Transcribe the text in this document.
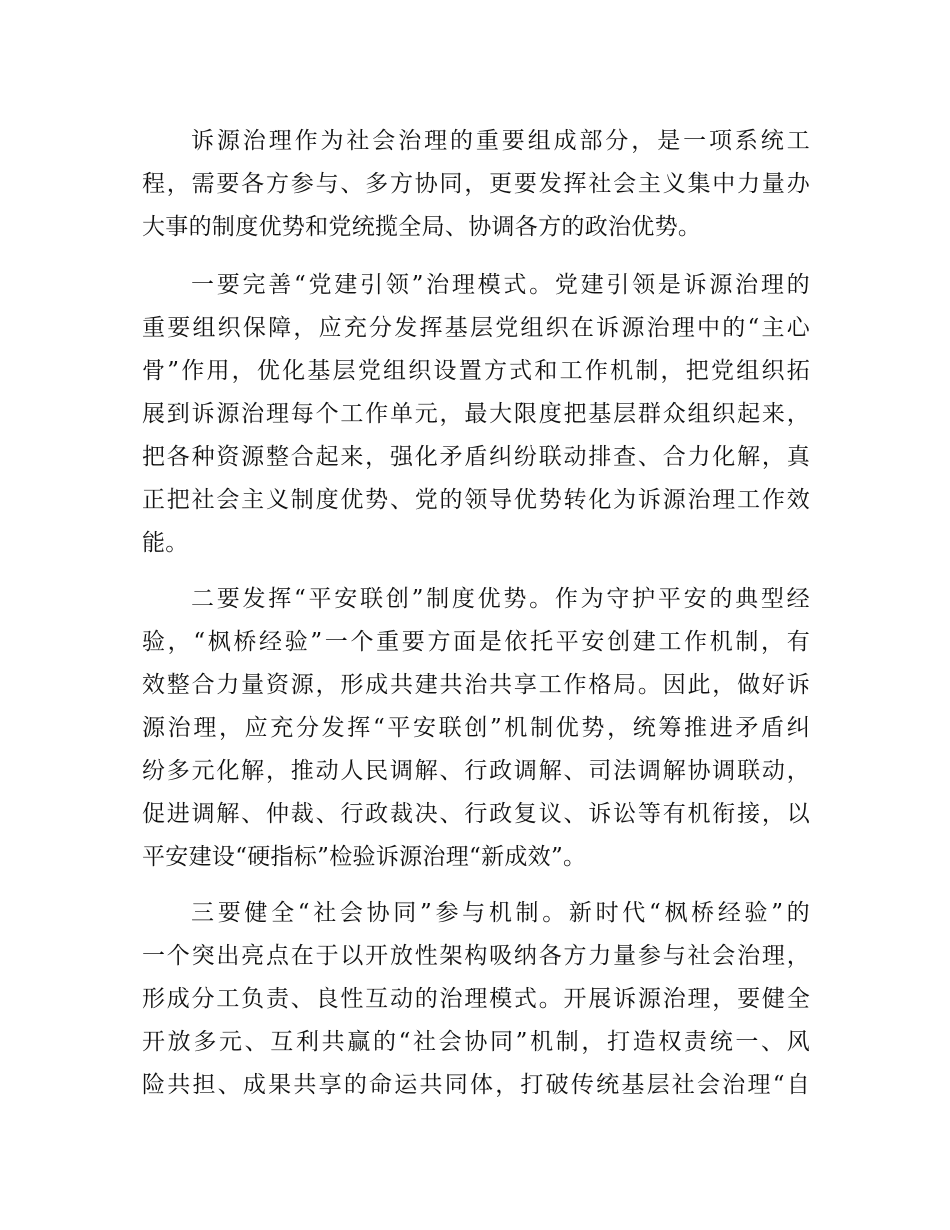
诉源治理作为社会治理的重要组成部分，是一项系统工
程，需要各方参与、多方协同，更要发挥社会主义集中力量办
大事的制度优势和党统揽全局、协调各方的政治优势。
一要完善“党建引领”治理模式。党建引领是诉源治理的
重要组织保障，应充分发挥基层党组织在诉源治理中的“主心
骨”作用，优化基层党组织设置方式和工作机制，把党组织拓
展到诉源治理每个工作单元，最大限度把基层群众组织起来，
把各种资源整合起来，强化矛盾纠纷联动排查、合力化解，真
正把社会主义制度优势、党的领导优势转化为诉源治理工作效
能。
二要发挥“平安联创”制度优势。作为守护平安的典型经
验，“枫桥经验”一个重要方面是依托平安创建工作机制，有
效整合力量资源，形成共建共治共享工作格局。因此，做好诉
源治理，应充分发挥“平安联创”机制优势，统筹推进矛盾纠
纷多元化解，推动人民调解、行政调解、司法调解协调联动，
促进调解、仲裁、行政裁决、行政复议、诉讼等有机衔接，以
平安建设“硬指标”检验诉源治理“新成效”。
三要健全“社会协同”参与机制。新时代“枫桥经验”的
一个突出亮点在于以开放性架构吸纳各方力量参与社会治理，
形成分工负责、良性互动的治理模式。开展诉源治理，要健全
开放多元、互利共赢的“社会协同”机制，打造权责统一、风
险共担、成果共享的命运共同体，打破传统基层社会治理“自
